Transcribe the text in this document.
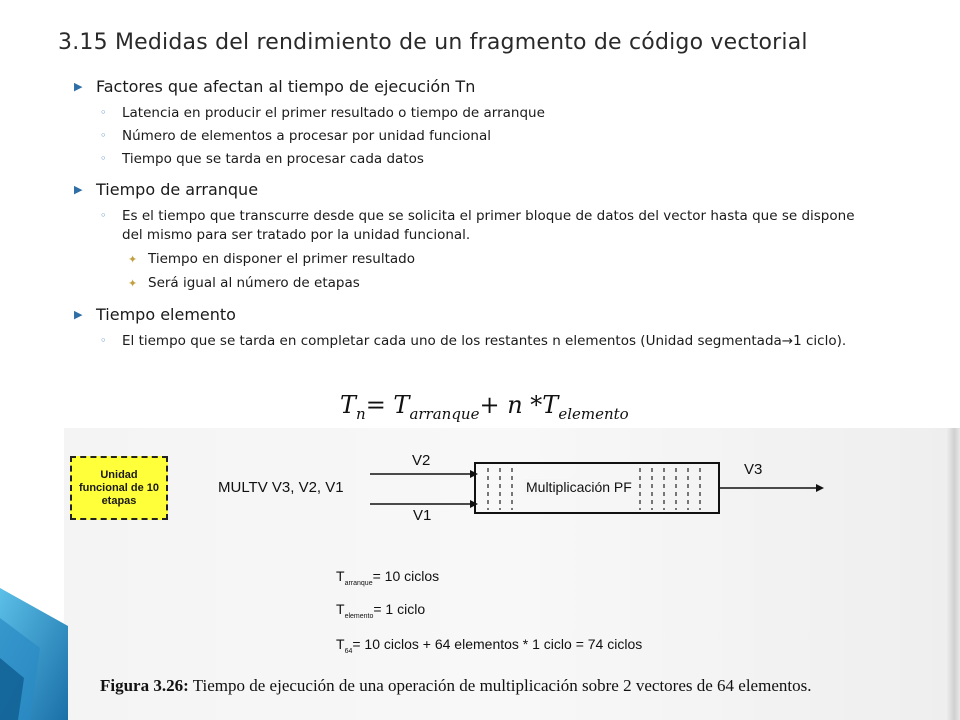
3.15 Medidas del rendimiento de un fragmento de código vectorial
▶ Factores que afectan al tiempo de ejecución Tn
◦ Latencia en producir el primer resultado o tiempo de arranque
◦ Número de elementos a procesar por unidad funcional
◦ Tiempo que se tarda en procesar cada datos
▶ Tiempo de arranque
◦ Es el tiempo que transcurre desde que se solicita el primer bloque de datos del vector hasta que se dispone del mismo para ser tratado por la unidad funcional.
✦ Tiempo en disponer el primer resultado
✦ Será igual al número de etapas
▶ Tiempo elemento
◦ El tiempo que se tarda en completar cada uno de los restantes n elementos (Unidad segmentada→1 ciclo).
$T_n= T_{arranque}+ n$ $*T_{elemento}$
MULTV V3, V2, V1
V2
V1
V3
Multiplicación PF
Unidad funcional de 10 etapas
$T_{arranque}= 10$ ciclos
$T_{elemento}= 1$ ciclo
$T_{64}= 10$ ciclos + 64 elementos * 1 ciclo = 74 ciclos
Figura 3.26: Tiempo de ejecución de una operación de multiplicación sobre 2 vectores de 64 elementos.
